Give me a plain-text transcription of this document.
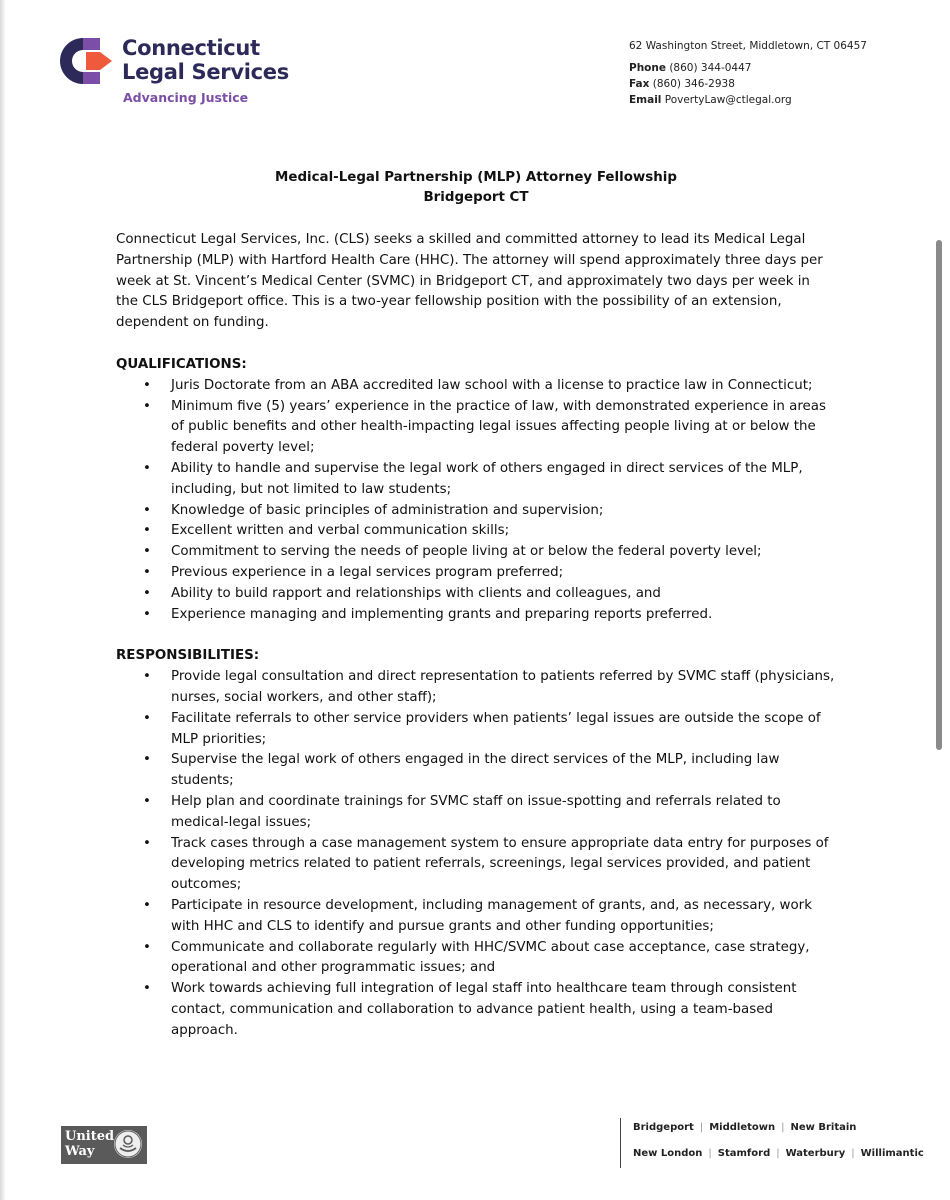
Connecticut
Legal Services
Advancing Justice
62 Washington Street, Middletown, CT 06457
Phone (860) 344-0447
Fax (860) 346-2938
Email PovertyLaw@ctlegal.org
Medical-Legal Partnership (MLP) Attorney Fellowship
Bridgeport CT
Connecticut Legal Services, Inc. (CLS) seeks a skilled and committed attorney to lead its Medical Legal Partnership (MLP) with Hartford Health Care (HHC). The attorney will spend approximately three days per week at St. Vincent’s Medical Center (SVMC) in Bridgeport CT, and approximately two days per week in the CLS Bridgeport office. This is a two-year fellowship position with the possibility of an extension, dependent on funding.
QUALIFICATIONS:
• Juris Doctorate from an ABA accredited law school with a license to practice law in Connecticut;
• Minimum five (5) years’ experience in the practice of law, with demonstrated experience in areas of public benefits and other health-impacting legal issues affecting people living at or below the federal poverty level;
• Ability to handle and supervise the legal work of others engaged in direct services of the MLP, including, but not limited to law students;
• Knowledge of basic principles of administration and supervision;
• Excellent written and verbal communication skills;
• Commitment to serving the needs of people living at or below the federal poverty level;
• Previous experience in a legal services program preferred;
• Ability to build rapport and relationships with clients and colleagues, and
• Experience managing and implementing grants and preparing reports preferred.
RESPONSIBILITIES:
• Provide legal consultation and direct representation to patients referred by SVMC staff (physicians, nurses, social workers, and other staff);
• Facilitate referrals to other service providers when patients’ legal issues are outside the scope of MLP priorities;
• Supervise the legal work of others engaged in the direct services of the MLP, including law students;
• Help plan and coordinate trainings for SVMC staff on issue-spotting and referrals related to medical-legal issues;
• Track cases through a case management system to ensure appropriate data entry for purposes of developing metrics related to patient referrals, screenings, legal services provided, and patient outcomes;
• Participate in resource development, including management of grants, and, as necessary, work with HHC and CLS to identify and pursue grants and other funding opportunities;
• Communicate and collaborate regularly with HHC/SVMC about case acceptance, case strategy, operational and other programmatic issues; and
• Work towards achieving full integration of legal staff into healthcare team through consistent contact, communication and collaboration to advance patient health, using a team-based approach.
United
Way
Bridgeport | Middletown | New Britain
New London | Stamford | Waterbury | Willimantic
